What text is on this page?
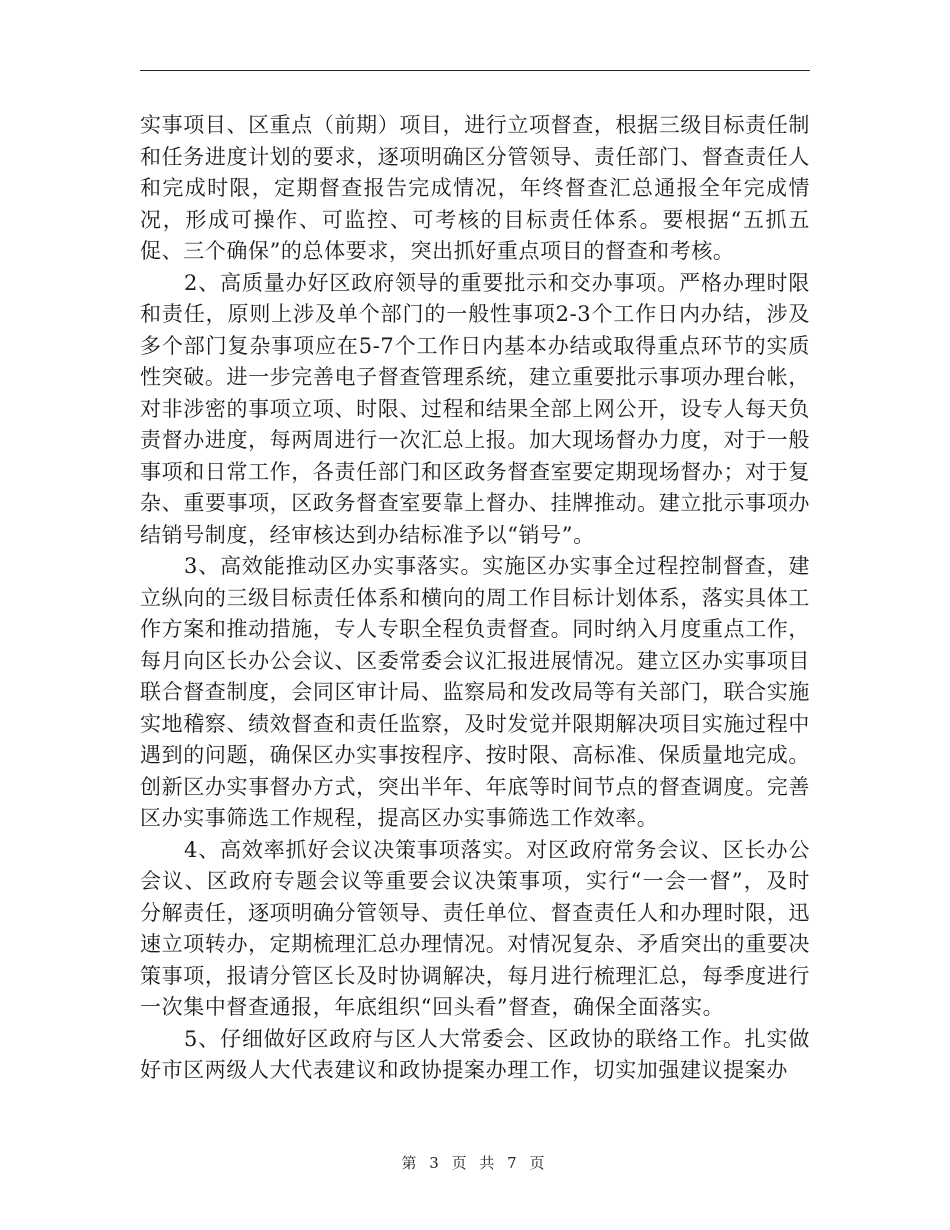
实事项目、区重点（前期）项目，进行立项督查，根据三级目标责任制和任务进度计划的要求，逐项明确区分管领导、责任部门、督查责任人和完成时限，定期督查报告完成情况，年终督查汇总通报全年完成情况，形成可操作、可监控、可考核的目标责任体系。要根据“五抓五促、三个确保”的总体要求，突出抓好重点项目的督查和考核。

2、高质量办好区政府领导的重要批示和交办事项。严格办理时限和责任，原则上涉及单个部门的一般性事项2-3个工作日内办结，涉及多个部门复杂事项应在5-7个工作日内基本办结或取得重点环节的实质性突破。进一步完善电子督查管理系统，建立重要批示事项办理台帐，对非涉密的事项立项、时限、过程和结果全部上网公开，设专人每天负责督办进度，每两周进行一次汇总上报。加大现场督办力度，对于一般事项和日常工作，各责任部门和区政务督查室要定期现场督办；对于复杂、重要事项，区政务督查室要靠上督办、挂牌推动。建立批示事项办结销号制度，经审核达到办结标准予以“销号”。

3、高效能推动区办实事落实。实施区办实事全过程控制督查，建立纵向的三级目标责任体系和横向的周工作目标计划体系，落实具体工作方案和推动措施，专人专职全程负责督查。同时纳入月度重点工作，每月向区长办公会议、区委常委会议汇报进展情况。建立区办实事项目联合督查制度，会同区审计局、监察局和发改局等有关部门，联合实施实地稽察、绩效督查和责任监察，及时发觉并限期解决项目实施过程中遇到的问题，确保区办实事按程序、按时限、高标准、保质量地完成。创新区办实事督办方式，突出半年、年底等时间节点的督查调度。完善区办实事筛选工作规程，提高区办实事筛选工作效率。

4、高效率抓好会议决策事项落实。对区政府常务会议、区长办公会议、区政府专题会议等重要会议决策事项，实行“一会一督”，及时分解责任，逐项明确分管领导、责任单位、督查责任人和办理时限，迅速立项转办，定期梳理汇总办理情况。对情况复杂、矛盾突出的重要决策事项，报请分管区长及时协调解决，每月进行梳理汇总，每季度进行一次集中督查通报，年底组织“回头看”督查，确保全面落实。

5、仔细做好区政府与区人大常委会、区政协的联络工作。扎实做好市区两级人大代表建议和政协提案办理工作，切实加强建议提案办

第 3 页 共 7 页
